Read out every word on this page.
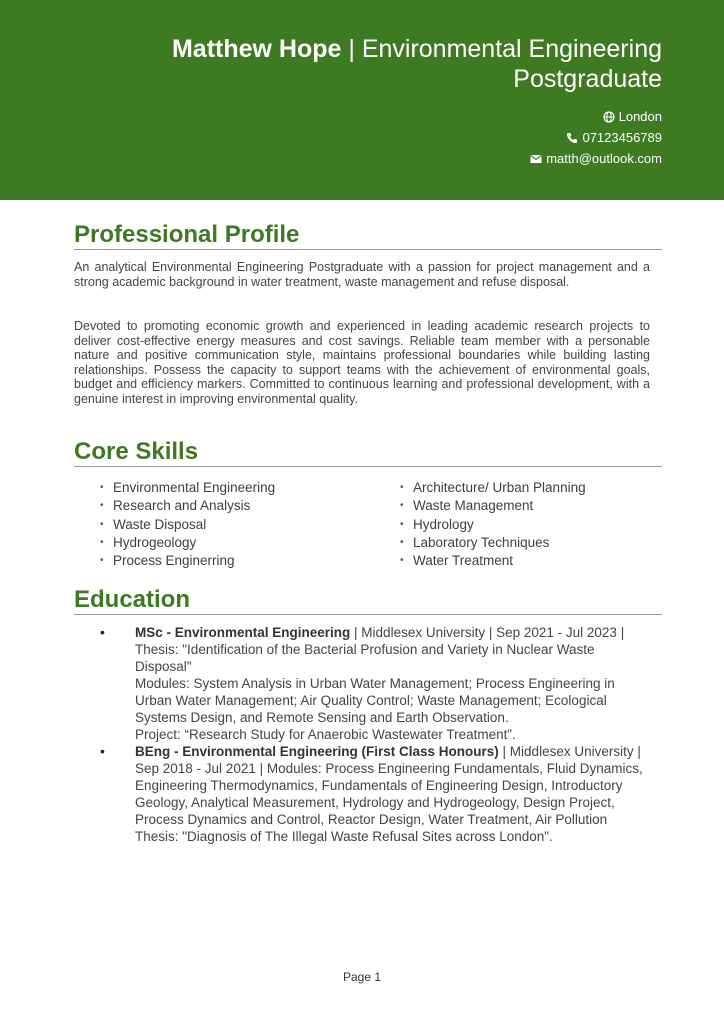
Matthew Hope | Environmental Engineering Postgraduate
London
07123456789
matth@outlook.com
Professional Profile
An analytical Environmental Engineering Postgraduate with a passion for project management and a strong academic background in water treatment, waste management and refuse disposal.
Devoted to promoting economic growth and experienced in leading academic research projects to deliver cost-effective energy measures and cost savings. Reliable team member with a personable nature and positive communication style, maintains professional boundaries while building lasting relationships. Possess the capacity to support teams with the achievement of environmental goals, budget and efficiency markers. Committed to continuous learning and professional development, with a genuine interest in improving environmental quality.
Core Skills
• Environmental Engineering	• Architecture/ Urban Planning
• Research and Analysis	• Waste Management
• Waste Disposal	• Hydrology
• Hydrogeology	• Laboratory Techniques
• Process Enginerring	• Water Treatment
Education
• MSc - Environmental Engineering | Middlesex University | Sep 2021 - Jul 2023 | Thesis: "Identification of the Bacterial Profusion and Variety in Nuclear Waste Disposal"
Modules: System Analysis in Urban Water Management; Process Engineering in Urban Water Management; Air Quality Control; Waste Management; Ecological Systems Design, and Remote Sensing and Earth Observation.
Project: “Research Study for Anaerobic Wastewater Treatment”.
• BEng - Environmental Engineering (First Class Honours) | Middlesex University | Sep 2018 - Jul 2021 | Modules: Process Engineering Fundamentals, Fluid Dynamics, Engineering Thermodynamics, Fundamentals of Engineering Design, Introductory Geology, Analytical Measurement, Hydrology and Hydrogeology, Design Project, Process Dynamics and Control, Reactor Design, Water Treatment, Air Pollution Thesis: "Diagnosis of The Illegal Waste Refusal Sites across London".
Page 1
